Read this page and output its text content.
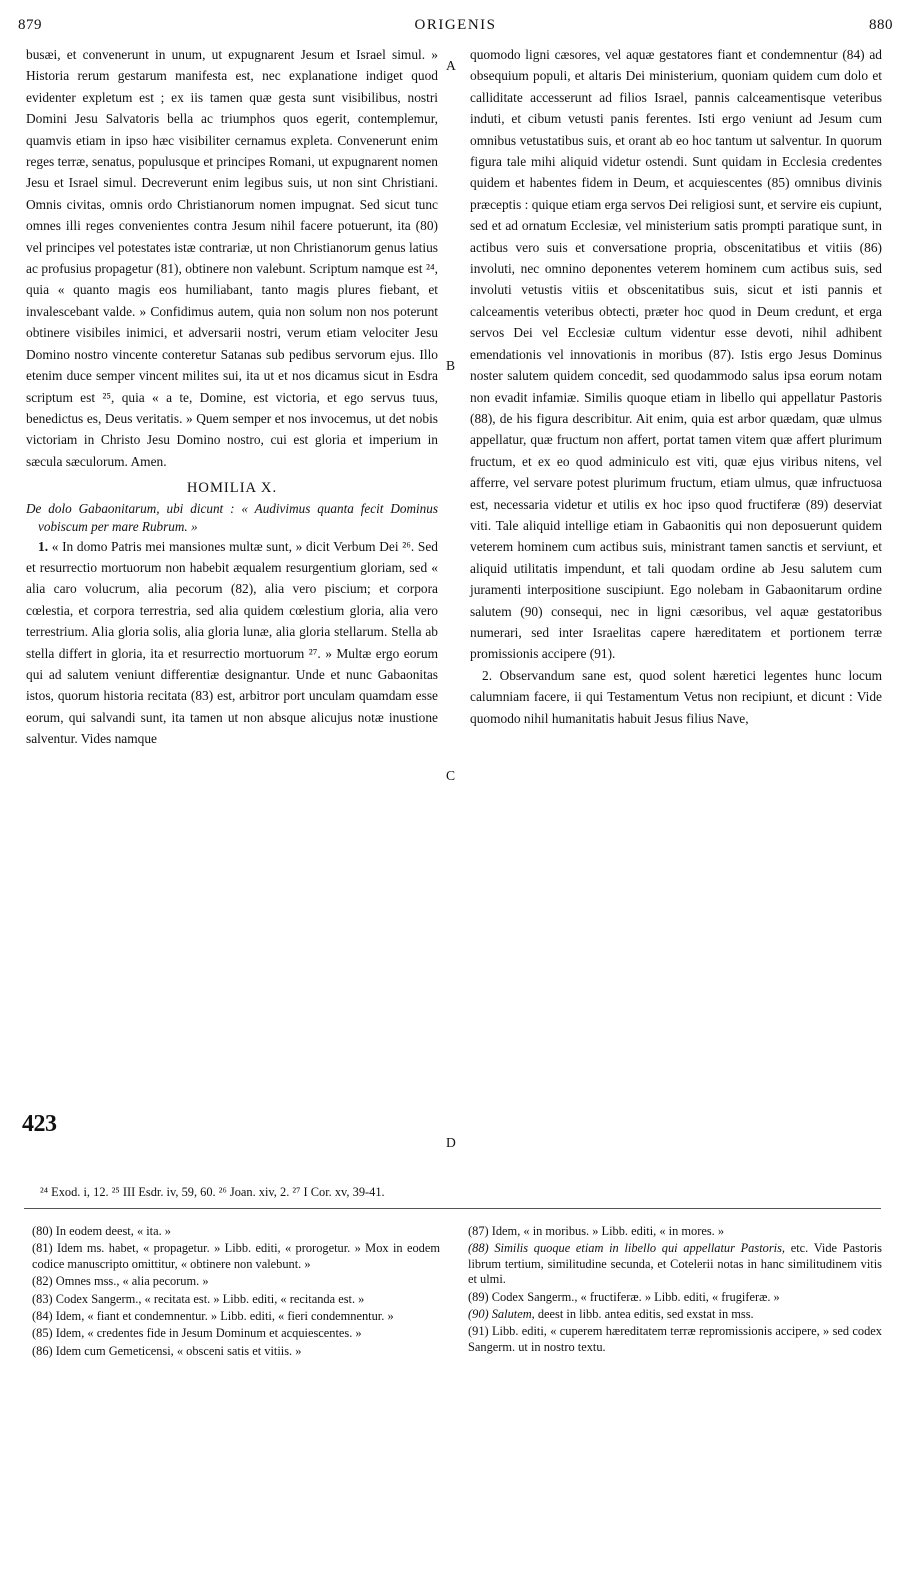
879	ORIGENIS	880
A
B
C
D

busæi, et convenerunt in unum, ut expugnarent Jesum et Israel simul. » Historia rerum gestarum manifesta est, nec explanatione indiget quod evidenter expletum est ; ex iis tamen quæ gesta sunt visibilibus, nostri Domini Jesu Salvatoris bella ac triumphos quos egerit, contemplemur, quamvis etiam in ipso hæc visibiliter cernamus expleta. Convenerunt enim reges terræ, senatus, populusque et principes Romani, ut expugnarent nomen Jesu et Israel simul. Decreverunt enim legibus suis, ut non sint Christiani. Omnis civitas, omnis ordo Christianorum nomen impugnat. Sed sicut tunc omnes illi reges convenientes contra Jesum nihil facere potuerunt, ita (80) vel principes vel potestates istæ contrariæ, ut non Christianorum genus latius ac profusius propagetur (81), obtinere non valebunt. Scriptum namque est ²⁴, quia « quanto magis eos humiliabant, tanto magis plures fiebant, et invalescebant valde. » Confidimus autem, quia non solum non nos poterunt obtinere visibiles inimici, et adversarii nostri, verum etiam velociter Jesu Domino nostro vincente conteretur Satanas sub pedibus servorum ejus. Illo etenim duce semper vincent milites sui, ita ut et nos dicamus sicut in Esdra scriptum est ²⁵, quia « a te, Domine, est victoria, et ego servus tuus, benedictus es, Deus veritatis. » Quem semper et nos invocemus, ut det nobis victoriam in Christo Jesu Domino nostro, cui est gloria et imperium in sæcula sæculorum. Amen.

HOMILIA X.

De dolo Gabaonitarum, ubi dicunt : « Audivimus quanta fecit Dominus vobiscum per mare Rubrum. »

1. « In domo Patris mei mansiones multæ sunt, » dicit Verbum Dei ²⁶. Sed et resurrectio mortuorum non habebit æqualem resurgentium gloriam, sed « alia caro volucrum, alia pecorum (82), alia vero piscium; et corpora cœlestia, et corpora terrestria, sed alia quidem cœlestium gloria, alia vero terrestrium. Alia gloria solis, alia gloria lunæ, alia gloria stellarum. Stella ab stella differt in gloria, ita et resurrectio mortuorum ²⁷. » Multæ ergo eorum qui ad salutem veniunt differentiæ designantur. Unde et nunc Gabaonitas istos, quorum historia recitata (83) est, arbitror port unculam quamdam esse eorum, qui salvandi sunt, ita tamen ut non absque alicujus notæ inustione salventur. Vides namque

423

quomodo ligni cæsores, vel aquæ gestatores fiant et condemnentur (84) ad obsequium populi, et altaris Dei ministerium, quoniam quidem cum dolo et calliditate accesserunt ad filios Israel, pannis calceamentisque veteribus induti, et cibum vetusti panis ferentes. Isti ergo veniunt ad Jesum cum omnibus vetustatibus suis, et orant ab eo hoc tantum ut salventur. In quorum figura tale mihi aliquid videtur ostendi. Sunt quidam in Ecclesia credentes quidem et habentes fidem in Deum, et acquiescentes (85) omnibus divinis præceptis : quique etiam erga servos Dei religiosi sunt, et servire eis cupiunt, sed et ad ornatum Ecclesiæ, vel ministerium satis prompti paratique sunt, in actibus vero suis et conversatione propria, obscenitatibus et vitiis (86) involuti, nec omnino deponentes veterem hominem cum actibus suis, sed involuti vetustis vitiis et obscenitatibus suis, sicut et isti pannis et calceamentis veteribus obtecti, præter hoc quod in Deum credunt, et erga servos Dei vel Ecclesiæ cultum videntur esse devoti, nihil adhibent emendationis vel innovationis in moribus (87). Istis ergo Jesus Dominus noster salutem quidem concedit, sed quodammodo salus ipsa eorum notam non evadit infamiæ. Similis quoque etiam in libello qui appellatur Pastoris (88), de his figura describitur. Ait enim, quia est arbor quædam, quæ ulmus appellatur, quæ fructum non affert, portat tamen vitem quæ affert plurimum fructum, et ex eo quod adminiculo est viti, quæ ejus viribus nitens, vel afferre, vel servare potest plurimum fructum, etiam ulmus, quæ infructuosa est, necessaria videtur et utilis ex hoc ipso quod fructiferæ (89) deserviat viti. Tale aliquid intellige etiam in Gabaonitis qui non deposuerunt quidem veterem hominem cum actibus suis, ministrant tamen sanctis et serviunt, et aliquid utilitatis impendunt, et tali quodam ordine ab Jesu salutem cum juramenti interpositione suscipiunt. Ego nolebam in Gabaonitarum ordine salutem (90) consequi, nec in ligni cæsoribus, vel aquæ gestatoribus numerari, sed inter Israelitas capere hæreditatem et portionem terræ promissionis accipere (91).

2. Observandum sane est, quod solent hæretici legentes hunc locum calumniam facere, ii qui Testamentum Vetus non recipiunt, et dicunt : Vide quomodo nihil humanitatis habuit Jesus filius Nave,

²⁴ Exod. i, 12. ²⁵ III Esdr. iv, 59, 60. ²⁶ Joan. xiv, 2. ²⁷ I Cor. xv, 39-41.

(80) In eodem deest, « ita. »

(81) Idem ms. habet, « propagetur. » Libb. editi, « prorogetur. » Mox in eodem codice manuscripto omittitur, « obtinere non valebunt. »

(82) Omnes mss., « alia pecorum. »

(83) Codex Sangerm., « recitata est. » Libb. editi, « recitanda est. »

(84) Idem, « fiant et condemnentur. » Libb. editi, « fieri condemnentur. »

(85) Idem, « credentes fide in Jesum Dominum et acquiescentes. »

(86) Idem cum Gemeticensi, « obsceni satis et vitiis. »

(87) Idem, « in moribus. » Libb. editi, « in mores. »

(88) Similis quoque etiam in libello qui appellatur Pastoris, etc. Vide Pastoris librum tertium, similitudine secunda, et Cotelerii notas in hanc similitudinem vitis et ulmi.

(89) Codex Sangerm., « fructiferæ. » Libb. editi, « frugiferæ. »

(90) Salutem, deest in libb. antea editis, sed exstat in mss.

(91) Libb. editi, « cuperem hæreditatem terræ repromissionis accipere, » sed codex Sangerm. ut in nostro textu.
